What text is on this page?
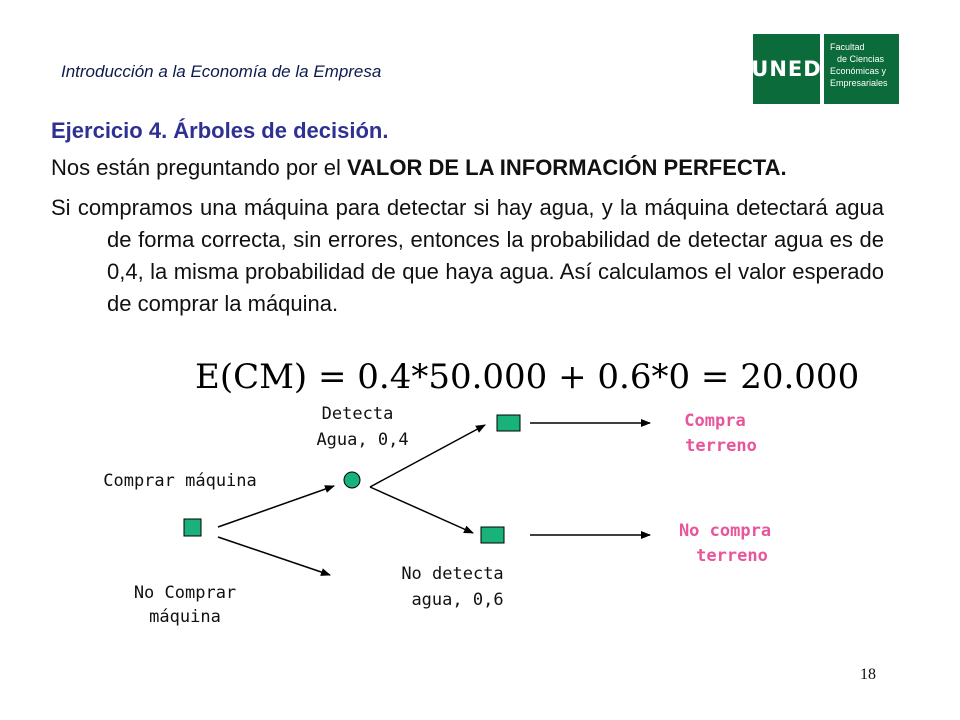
Introducción a la Economía de la Empresa	UNED
Facultad
de Ciencias
Económicas y
Empresariales
Ejercicio 4. Árboles de decisión.
Nos están preguntando por el VALOR DE LA INFORMACIÓN PERFECTA.
Si compramos una máquina para detectar si hay agua, y la máquina detectará agua de forma correcta, sin errores, entonces la probabilidad de detectar agua es de 0,4, la misma probabilidad de que haya agua. Así calculamos el valor esperado de comprar la máquina.
E(CM) = 0.4*50.000 + 0.6*0 = 20.000
Comprar máquina
No Comprar
máquina
Detecta
Agua, 0,4
No detecta
agua, 0,6
Compra
terreno
No compra
terreno
18
